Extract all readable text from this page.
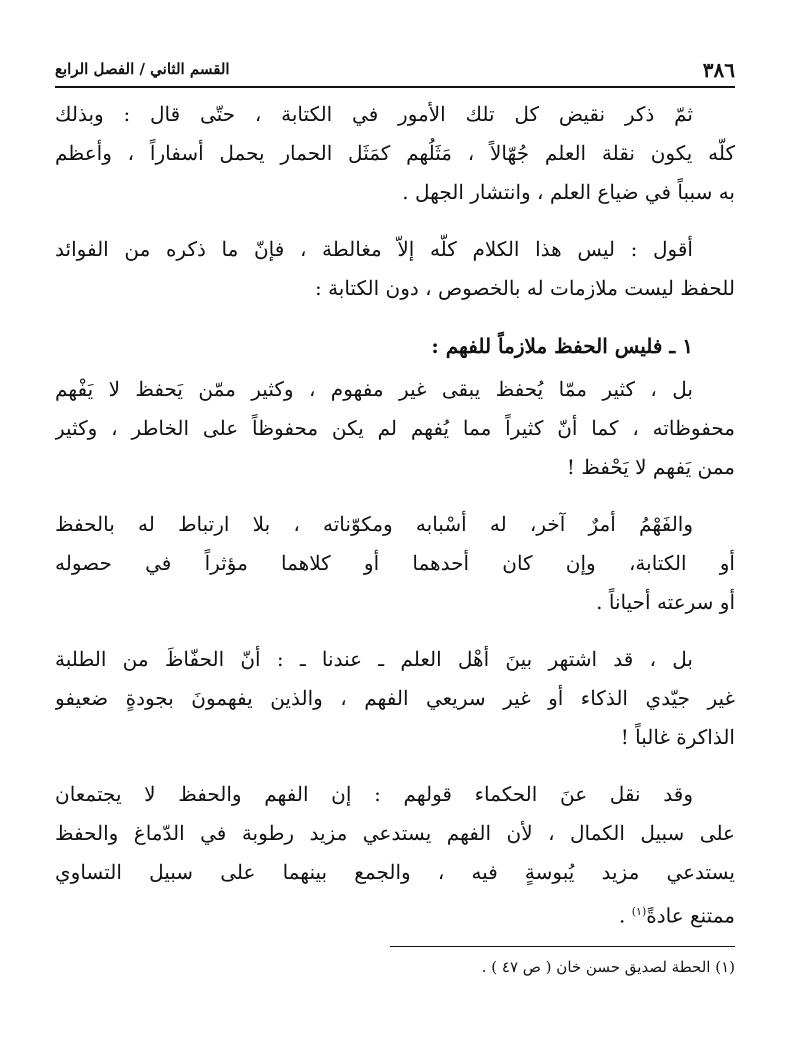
٣٨٦
القسم الثاني / الفصل الرابع
ثمّ ذكر نقيض كل تلك الأمور في الكتابة ، حتّى قال : وبذلك
كلّه يكون نقلة العلم جُهّالاً ، مَثَلُهم كمَثَل الحمار يحمل أسفاراً ، وأعظم
به سبباً في ضياع العلم ، وانتشار الجهل .
أقول : ليس هذا الكلام كلّه إلاّ مغالطة ، فإنّ ما ذكره من الفوائد
للحفظ ليست ملازمات له بالخصوص ، دون الكتابة :
١ ـ فليس الحفظ ملازماً للفهم :
بل ، كثير ممّا يُحفظ يبقى غير مفهوم ، وكثير ممّن يَحفظ لا يَفْهم
محفوظاته ، كما أنّ كثيراً مما يُفهم لم يكن محفوظاً على الخاطر ، وكثير
ممن يَفهم لا يَحْفظ !
والفَهْمُ أمرٌ آخر، له أسْبابه ومكوّناته ، بلا ارتباط له بالحفظ
أو الكتابة، وإن كان أحدهما أو كلاهما مؤثراً في حصوله
أو سرعته أحياناً .
بل ، قد اشتهر بينَ أهْل العلم ـ عندنا ـ : أنّ الحفّاظَ من الطلبة
غير جيّدي الذكاء أو غير سريعي الفهم ، والذين يفهمونَ بجودةٍ ضعيفو
الذاكرة غالباً !
وقد نقل عنَ الحكماء قولهم : إن الفهم والحفظ لا يجتمعان
على سبيل الكمال ، لأن الفهم يستدعي مزيد رطوبة في الدّماغ والحفظ
يستدعي مزيد يُبوسةٍ فيه ، والجمع بينهما على سبيل التساوي
ممتنع عادةً$^{(١)}$ .
(١) الحطة لصديق حسن خان ( ص ٤٧ ) .
